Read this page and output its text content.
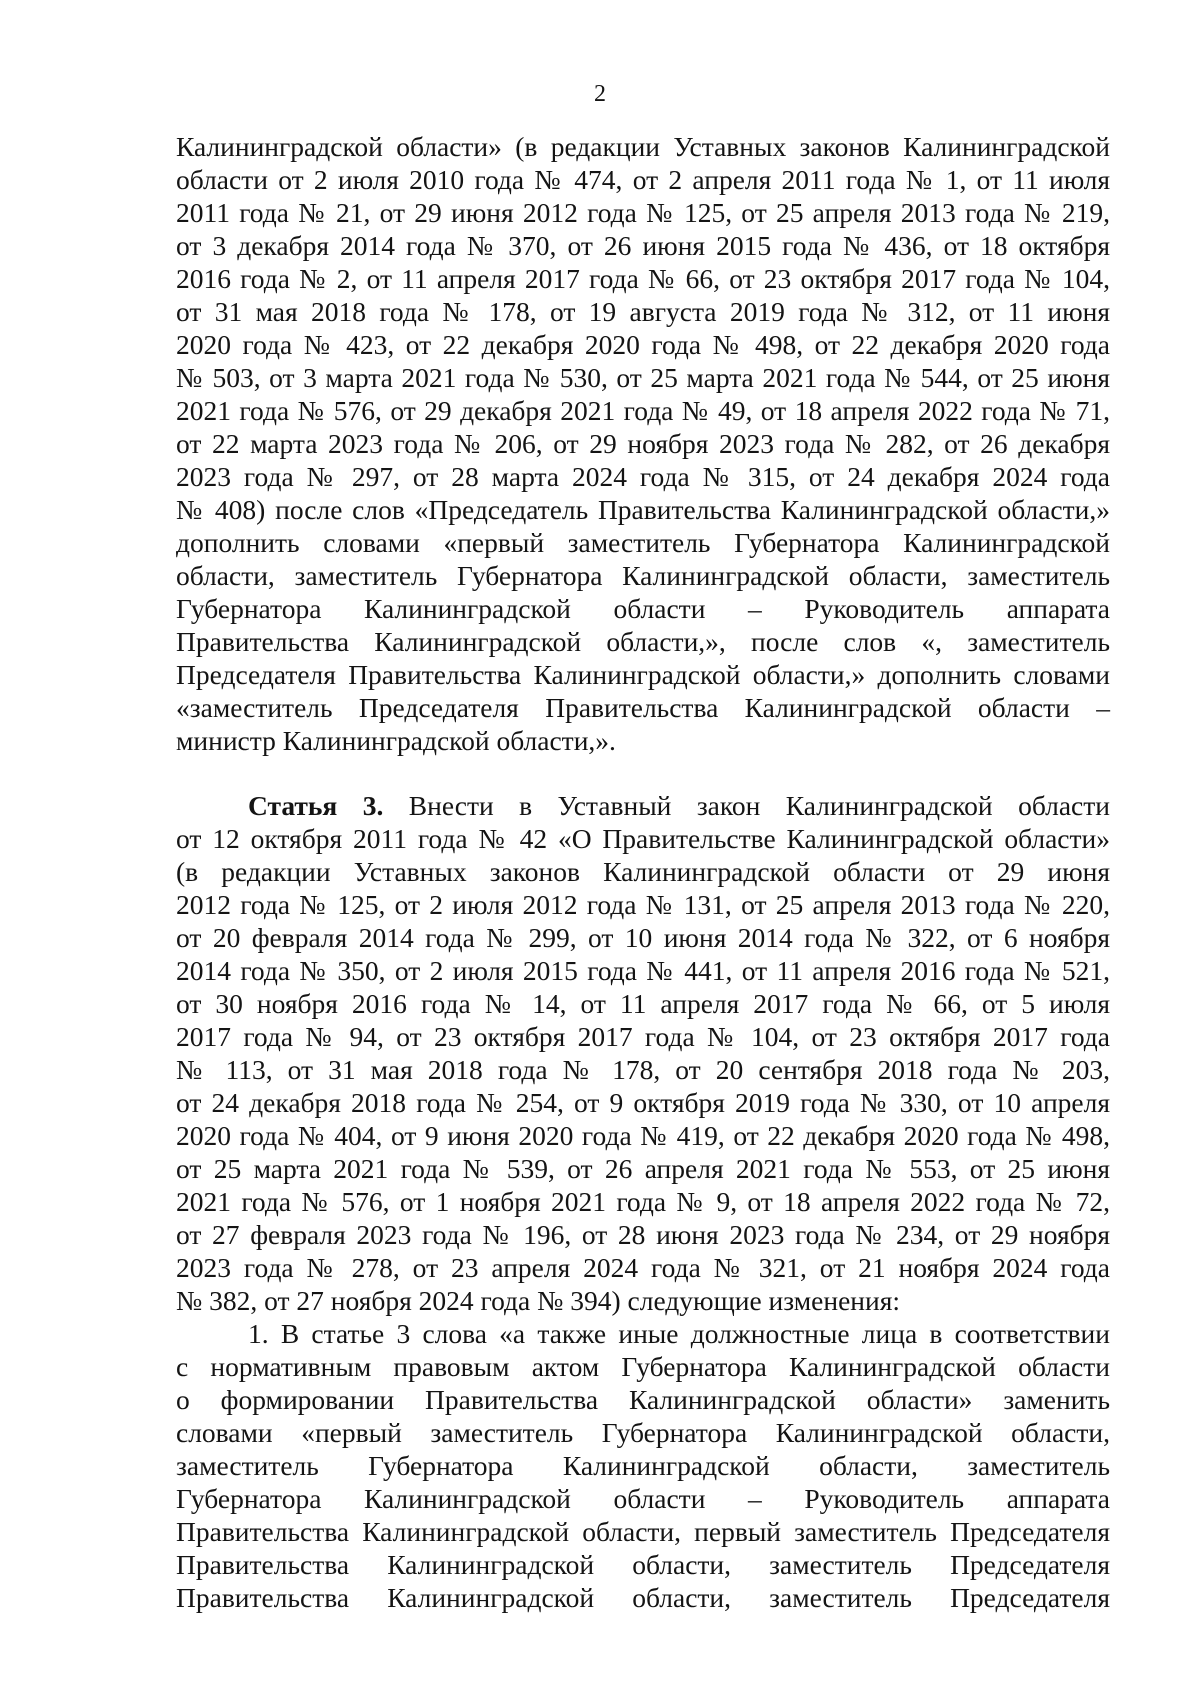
2
Калининградской области» (в редакции Уставных законов Калининградской
области от 2 июля 2010 года № 474, от 2 апреля 2011 года № 1, от 11 июля
2011 года № 21, от 29 июня 2012 года № 125, от 25 апреля 2013 года № 219,
от 3 декабря 2014 года № 370, от 26 июня 2015 года № 436, от 18 октября
2016 года № 2, от 11 апреля 2017 года № 66, от 23 октября 2017 года № 104,
от 31 мая 2018 года № 178, от 19 августа 2019 года № 312, от 11 июня
2020 года № 423, от 22 декабря 2020 года № 498, от 22 декабря 2020 года
№ 503, от 3 марта 2021 года № 530, от 25 марта 2021 года № 544, от 25 июня
2021 года № 576, от 29 декабря 2021 года № 49, от 18 апреля 2022 года № 71,
от 22 марта 2023 года № 206, от 29 ноября 2023 года № 282, от 26 декабря
2023 года № 297, от 28 марта 2024 года № 315, от 24 декабря 2024 года
№ 408) после слов «Председатель Правительства Калининградской области,»
дополнить словами «первый заместитель Губернатора Калининградской
области, заместитель Губернатора Калининградской области, заместитель
Губернатора Калининградской области – Руководитель аппарата
Правительства Калининградской области,», после слов «, заместитель
Председателя Правительства Калининградской области,» дополнить словами
«заместитель Председателя Правительства Калининградской области –
министр Калининградской области,».
Статья 3. Внести в Уставный закон Калининградской области
от 12 октября 2011 года № 42 «О Правительстве Калининградской области»
(в редакции Уставных законов Калининградской области от 29 июня
2012 года № 125, от 2 июля 2012 года № 131, от 25 апреля 2013 года № 220,
от 20 февраля 2014 года № 299, от 10 июня 2014 года № 322, от 6 ноября
2014 года № 350, от 2 июля 2015 года № 441, от 11 апреля 2016 года № 521,
от 30 ноября 2016 года № 14, от 11 апреля 2017 года № 66, от 5 июля
2017 года № 94, от 23 октября 2017 года № 104, от 23 октября 2017 года
№ 113, от 31 мая 2018 года № 178, от 20 сентября 2018 года № 203,
от 24 декабря 2018 года № 254, от 9 октября 2019 года № 330, от 10 апреля
2020 года № 404, от 9 июня 2020 года № 419, от 22 декабря 2020 года № 498,
от 25 марта 2021 года № 539, от 26 апреля 2021 года № 553, от 25 июня
2021 года № 576, от 1 ноября 2021 года № 9, от 18 апреля 2022 года № 72,
от 27 февраля 2023 года № 196, от 28 июня 2023 года № 234, от 29 ноября
2023 года № 278, от 23 апреля 2024 года № 321, от 21 ноября 2024 года
№ 382, от 27 ноября 2024 года № 394) следующие изменения:
1. В статье 3 слова «а также иные должностные лица в соответствии
с нормативным правовым актом Губернатора Калининградской области
о формировании Правительства Калининградской области» заменить
словами «первый заместитель Губернатора Калининградской области,
заместитель Губернатора Калининградской области, заместитель
Губернатора Калининградской области – Руководитель аппарата
Правительства Калининградской области, первый заместитель Председателя
Правительства Калининградской области, заместитель Председателя
Правительства Калининградской области, заместитель Председателя
